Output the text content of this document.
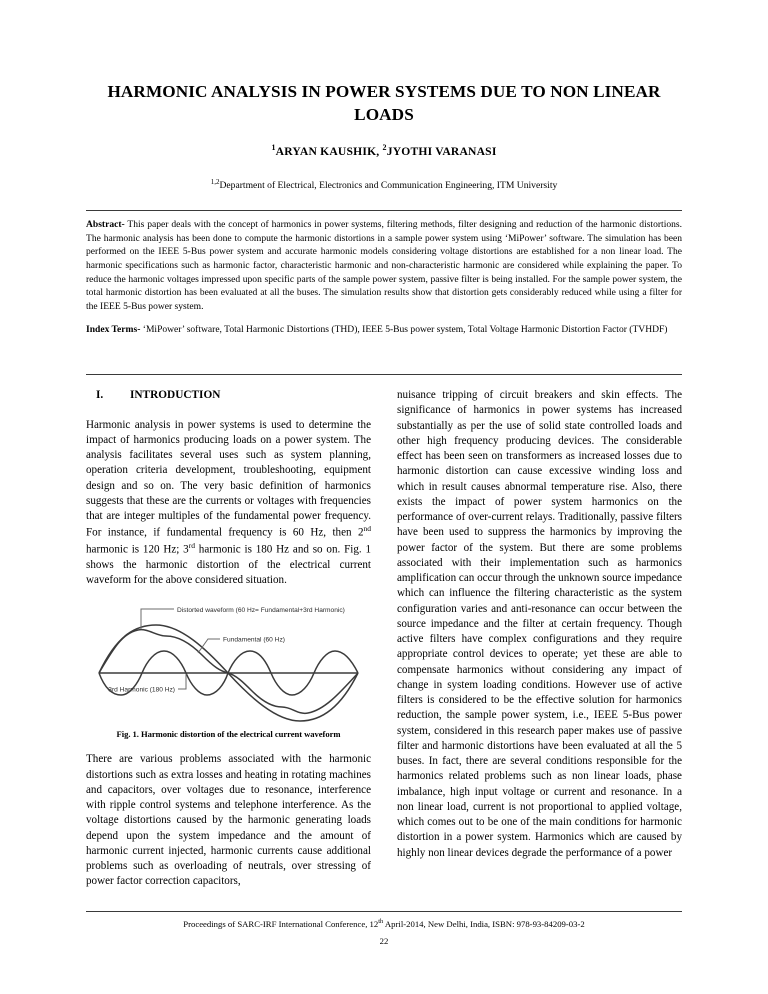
HARMONIC ANALYSIS IN POWER SYSTEMS DUE TO NON LINEAR LOADS
$^1$ARYAN KAUSHIK, $^2$JYOTHI VARANASI
$^{1,2}$Department of Electrical, Electronics and Communication Engineering, ITM University

Abstract- This paper deals with the concept of harmonics in power systems, filtering methods, filter designing and reduction of the harmonic distortions. The harmonic analysis has been done to compute the harmonic distortions in a sample power system using ‘MiPower’ software. The simulation has been performed on the IEEE 5-Bus power system and accurate harmonic models considering voltage distortions are established for a non linear load. The harmonic specifications such as harmonic factor, characteristic harmonic and non-characteristic harmonic are considered while explaining the paper. To reduce the harmonic voltages impressed upon specific parts of the sample power system, passive filter is being installed. For the sample power system, the total harmonic distortion has been evaluated at all the buses. The simulation results show that distortion gets considerably reduced while using a filter for the IEEE 5-Bus power system.

Index Terms- ‘MiPower’ software, Total Harmonic Distortions (THD), IEEE 5-Bus power system, Total Voltage Harmonic Distortion Factor (TVHDF)

I.	INTRODUCTION

Harmonic analysis in power systems is used to determine the impact of harmonics producing loads on a power system. The analysis facilitates several uses such as system planning, operation criteria development, troubleshooting, equipment design and so on. The very basic definition of harmonics suggests that these are the currents or voltages with frequencies that are integer multiples of the fundamental power frequency. For instance, if fundamental frequency is 60 Hz, then 2nd harmonic is 120 Hz; 3rd harmonic is 180 Hz and so on. Fig. 1 shows the harmonic distortion of the electrical current waveform for the above considered situation.

Distorted waveform (60 Hz= Fundamental+3rd Harmonic)
Fundamental (60 Hz)
3rd Harmonic (180 Hz)
Fig. 1. Harmonic distortion of the electrical current waveform

There are various problems associated with the harmonic distortions such as extra losses and heating in rotating machines and capacitors, over voltages due to resonance, interference with ripple control systems and telephone interference. As the voltage distortions caused by the harmonic generating loads depend upon the system impedance and the amount of harmonic current injected, harmonic currents cause additional problems such as overloading of neutrals, over stressing of power factor correction capacitors,

nuisance tripping of circuit breakers and skin effects. The significance of harmonics in power systems has increased substantially as per the use of solid state controlled loads and other high frequency producing devices. The considerable effect has been seen on transformers as increased losses due to harmonic distortion can cause excessive winding loss and which in result causes abnormal temperature rise. Also, there exists the impact of power system harmonics on the performance of over-current relays. Traditionally, passive filters have been used to suppress the harmonics by improving the power factor of the system. But there are some problems associated with their implementation such as harmonics amplification can occur through the unknown source impedance which can influence the filtering characteristic as the system configuration varies and anti-resonance can occur between the source impedance and the filter at certain frequency. Though active filters have complex configurations and they require appropriate control devices to operate; yet these are able to compensate harmonics without considering any impact of change in system loading conditions. However use of active filters is considered to be the effective solution for harmonics reduction, the sample power system, i.e., IEEE 5-Bus power system, considered in this research paper makes use of passive filter and harmonic distortions have been evaluated at all the 5 buses. In fact, there are several conditions responsible for the harmonics related problems such as non linear loads, phase imbalance, high input voltage or current and resonance. In a non linear load, current is not proportional to applied voltage, which comes out to be one of the main conditions for harmonic distortion in a power system. Harmonics which are caused by highly non linear devices degrade the performance of a power

Proceedings of SARC-IRF International Conference, 12th April-2014, New Delhi, India, ISBN: 978-93-84209-03-2
22
